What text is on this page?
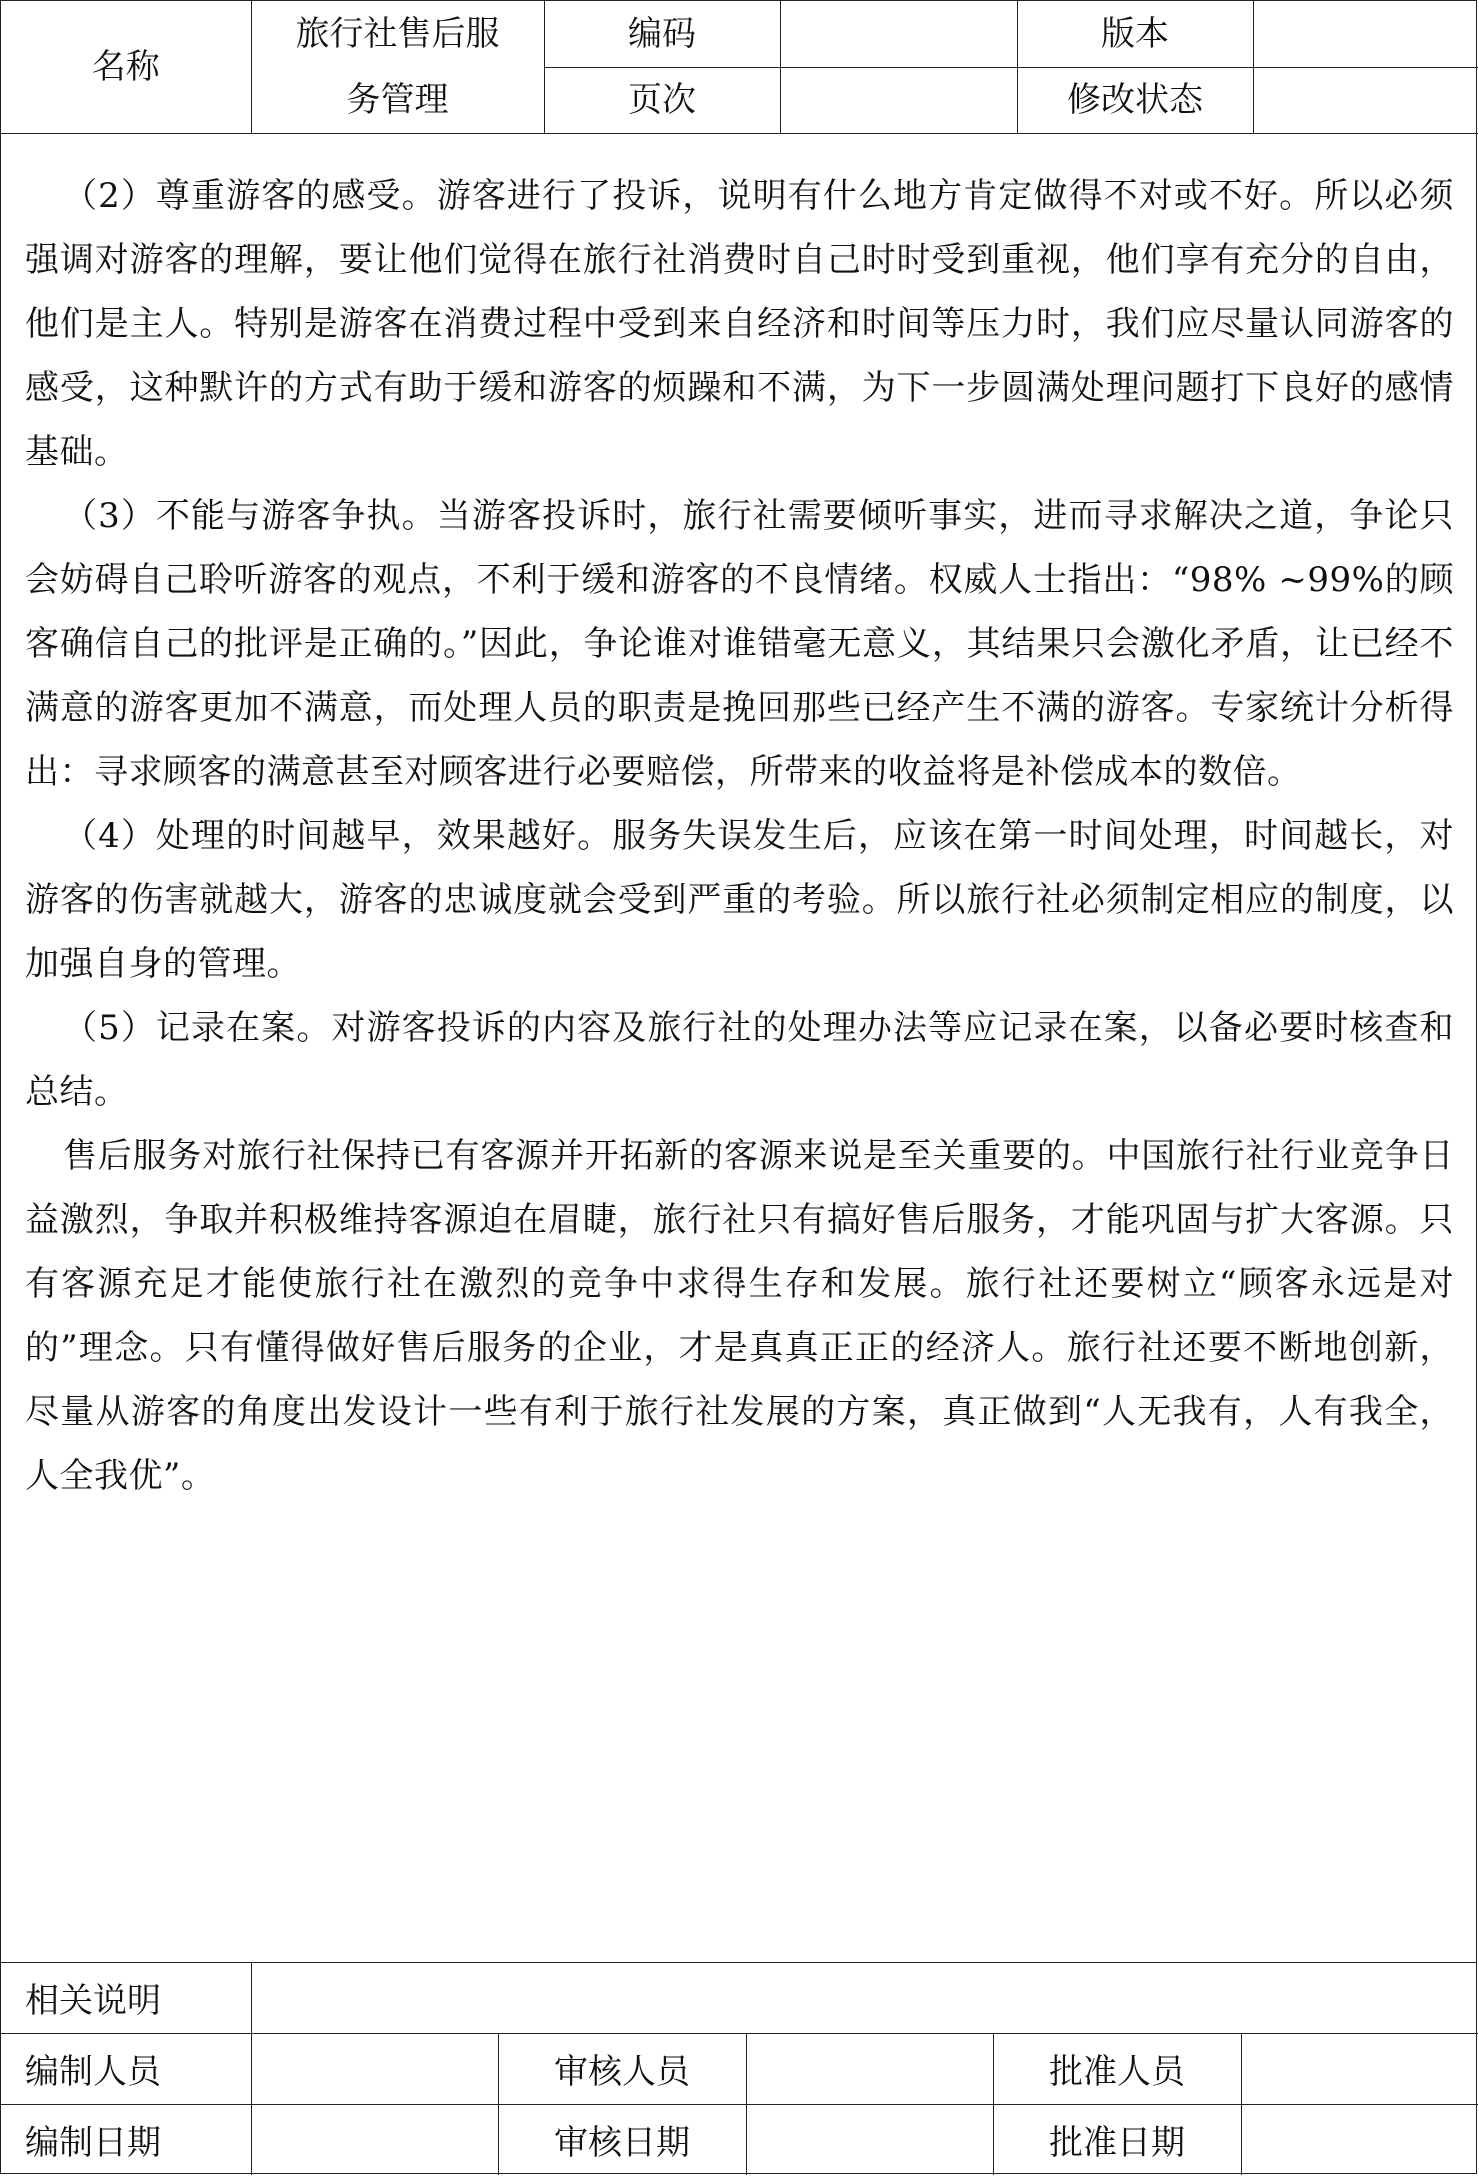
名称	旅行社售后服	编码		版本	
	务管理	页次		修改状态	

（2）尊重游客的感受。游客进行了投诉，说明有什么地方肯定做得不对或不好。所以必须强调对游客的理解，要让他们觉得在旅行社消费时自己时时受到重视，他们享有充分的自由，他们是主人。特别是游客在消费过程中受到来自经济和时间等压力时，我们应尽量认同游客的感受，这种默许的方式有助于缓和游客的烦躁和不满，为下一步圆满处理问题打下良好的感情基础。

（3）不能与游客争执。当游客投诉时，旅行社需要倾听事实，进而寻求解决之道，争论只会妨碍自己聆听游客的观点，不利于缓和游客的不良情绪。权威人士指出：“98% ~99%的顾客确信自己的批评是正确的。”因此，争论谁对谁错毫无意义，其结果只会激化矛盾，让已经不满意的游客更加不满意，而处理人员的职责是挽回那些已经产生不满的游客。专家统计分析得出：寻求顾客的满意甚至对顾客进行必要赔偿，所带来的收益将是补偿成本的数倍。

（4）处理的时间越早，效果越好。服务失误发生后，应该在第一时间处理，时间越长，对游客的伤害就越大，游客的忠诚度就会受到严重的考验。所以旅行社必须制定相应的制度，以加强自身的管理。

（5）记录在案。对游客投诉的内容及旅行社的处理办法等应记录在案，以备必要时核查和总结。

售后服务对旅行社保持已有客源并开拓新的客源来说是至关重要的。中国旅行社行业竞争日益激烈，争取并积极维持客源迫在眉睫，旅行社只有搞好售后服务，才能巩固与扩大客源。只有客源充足才能使旅行社在激烈的竞争中求得生存和发展。旅行社还要树立“顾客永远是对的”理念。只有懂得做好售后服务的企业，才是真真正正的经济人。旅行社还要不断地创新，尽量从游客的角度出发设计一些有利于旅行社发展的方案，真正做到“人无我有，人有我全，人全我优”。

相关说明					
编制人员		审核人员		批准人员	
编制日期		审核日期		批准日期	
